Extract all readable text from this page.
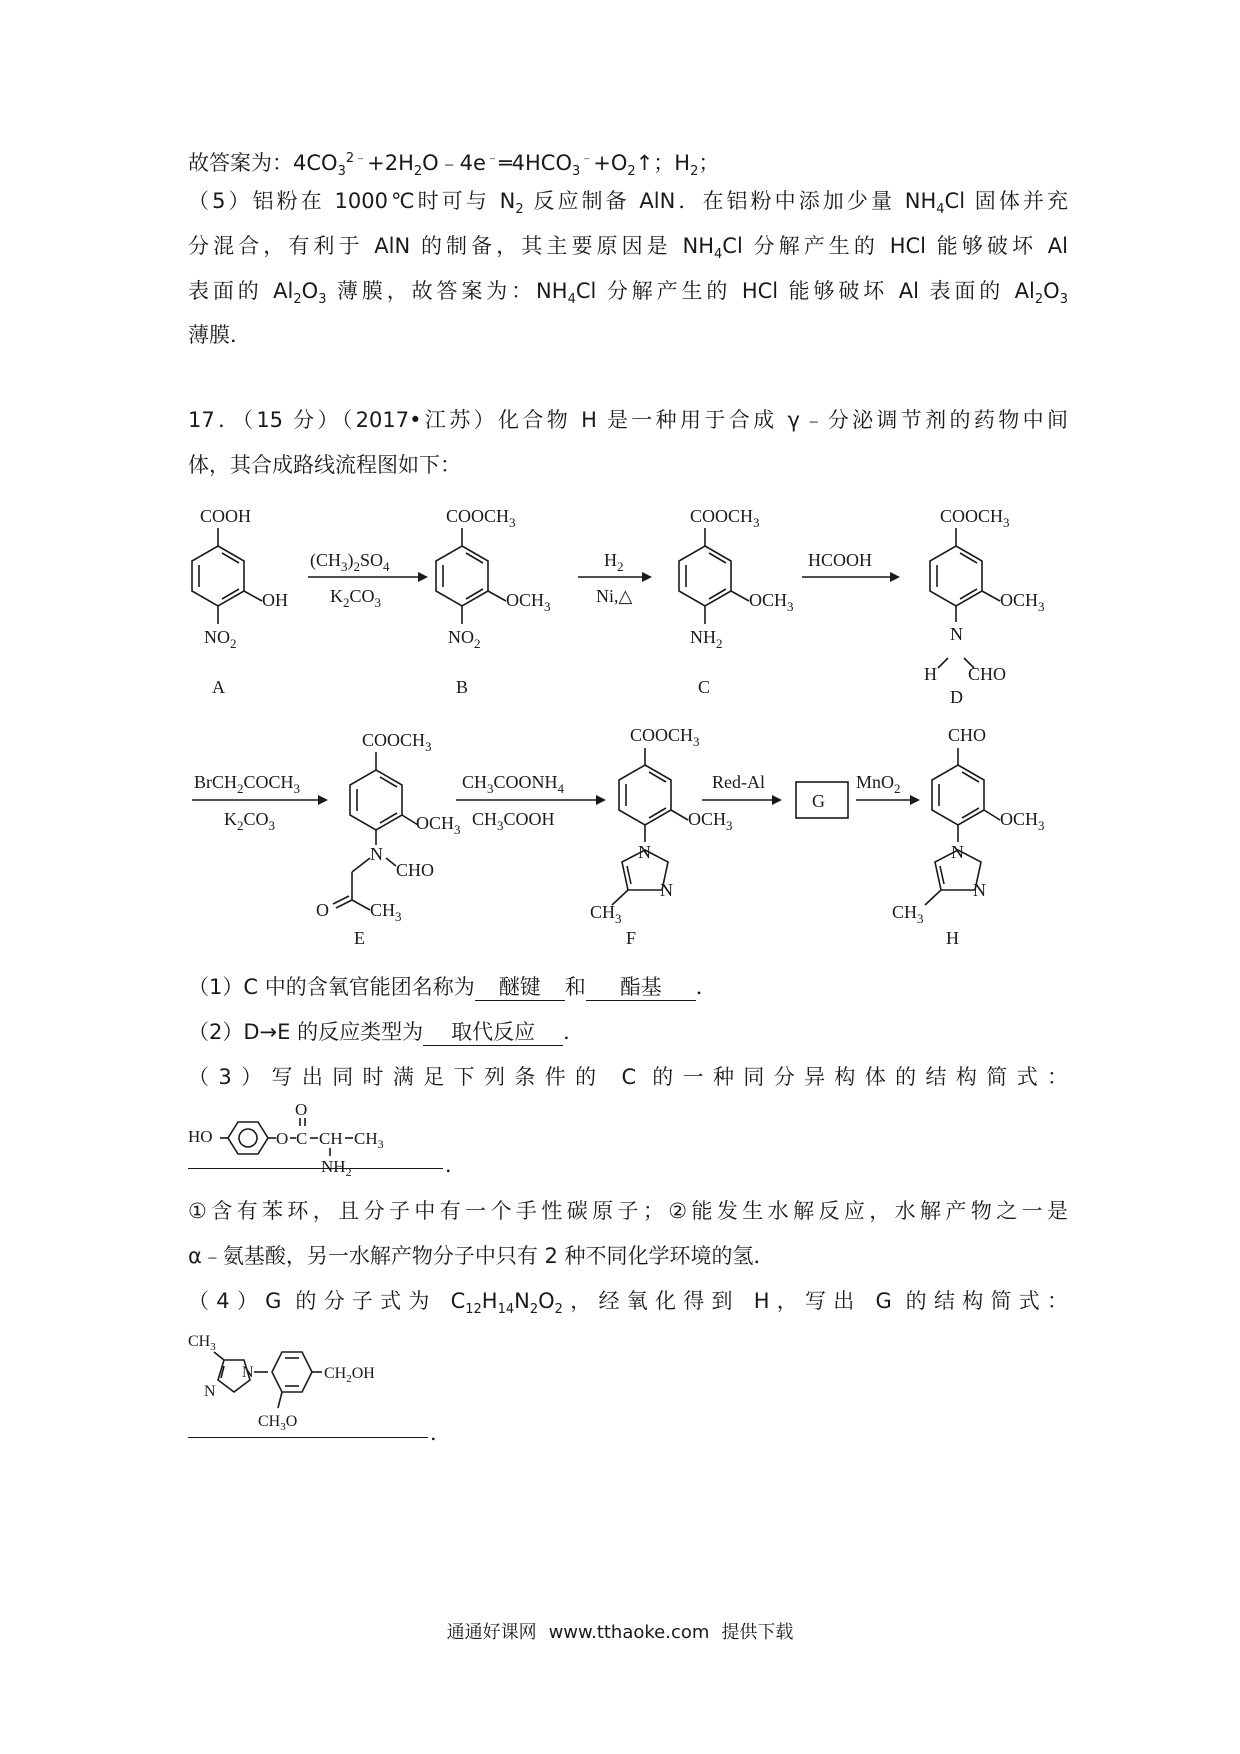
故答案为：$4CO_3^{2﹣}+2H_2O﹣4e^﹣═4HCO_3^﹣+O_2↑$；$H_2$；
（5）铝粉在 1000℃时可与 $N_2$ 反应制备 AlN．在铝粉中添加少量 $NH_4Cl$ 固体并充
分混合，有利于 AlN 的制备，其主要原因是 $NH_4Cl$ 分解产生的 HCl 能够破坏 Al
表面的 $Al_2O_3$ 薄膜，故答案为：$NH_4Cl$ 分解产生的 HCl 能够破坏 Al 表面的 $Al_2O_3$
薄膜．
17．（15 分）（2017•江苏）化合物 H 是一种用于合成 γ﹣分泌调节剂的药物中间
体，其合成路线流程图如下：
COOH
OH
$NO_2$
A
$(CH_3)_2SO_4$
$K_2CO_3$
$COOCH_3$
$OCH_3$
$NO_2$
B
$H_2$
Ni,△
$COOCH_3$
$OCH_3$
$NH_2$
C
HCOOH
$COOCH_3$
$OCH_3$
N
H CHO
D
$BrCH_2COCH_3$
$K_2CO_3$
$COOCH_3$
$OCH_3$
N
CHO
O $CH_3$
E
$CH_3COONH_4$
$CH_3COOH$
$COOCH_3$
$OCH_3$
N
N
$CH_3$
F
Red-Al
G
MnO$_2$
CHO
$OCH_3$
N
N
$CH_3$
H
（1）C 中的含氧官能团名称为 醚键 和 酯基 ．
（2）D→E 的反应类型为 取代反应 ．
（3）写出同时满足下列条件的 C 的一种同分异构体的结构简式：
HO	O C
O
CH $CH_3$
$NH_2$	．
①含有苯环，且分子中有一个手性碳原子；②能发生水解反应，水解产物之一是
α﹣氨基酸，另一水解产物分子中只有 2 种不同化学环境的氢．
（4）G 的分子式为 $C_{12}H_{14}N_2O_2$，经氧化得到 H，写出 G 的结构简式：
$CH_3$
N
N
$CH_2OH$
$CH_3O$	．
通通好课网 www.tthaoke.com 提供下载
